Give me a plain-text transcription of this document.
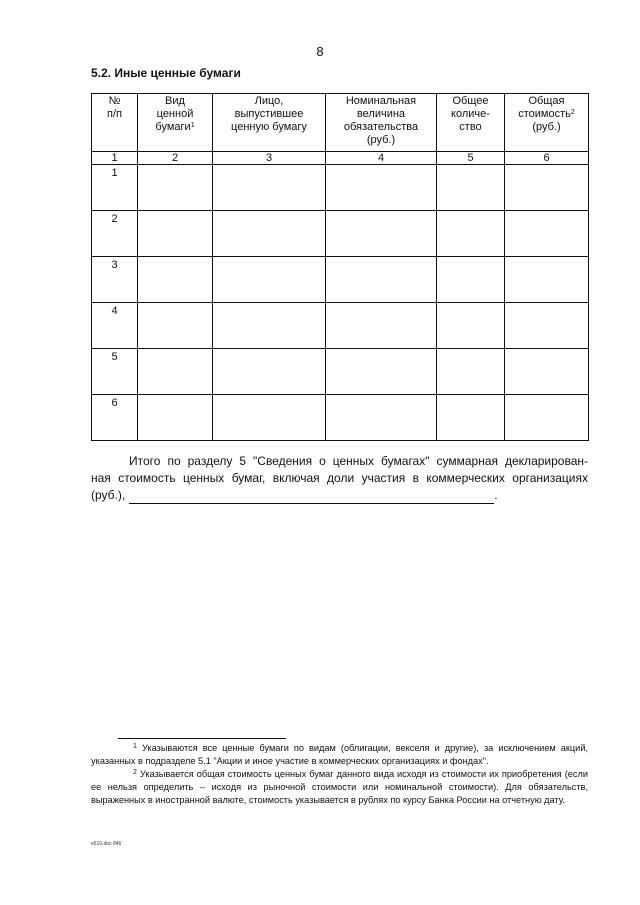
8
5.2. Иные ценные бумаги
№ п/п	Вид ценной бумаги$^1$	Лицо, выпустившее ценную бумагу	Номинальная величина обязательства (руб.)	Общее количе- ство	Общая стоимость$^2$ (руб.)

1	2	3	4	5	6
1					
2					
3					
4					
5					
6					
Итого по разделу 5 "Сведения о ценных бумагах" суммарная декларирован-
ная стоимость ценных бумаг, включая доли участия в коммерческих организациях
(руб.),	.

$^1$ Указываются все ценные бумаги по видам (облигации, векселя и другие), за исключением акций, указанных в подразделе 5.1 "Акции и иное участие в коммерческих организациях и фондах".

$^2$ Указывается общая стоимость ценных бумаг данного вида исходя из стоимости их приобретения (если ее нельзя определить – исходя из рыночной стоимости или номинальной стоимости). Для обязательств, выраженных в иностранной валюте, стоимость указывается в рублях по курсу Банка России на отчетную дату.

e510.doc 846
